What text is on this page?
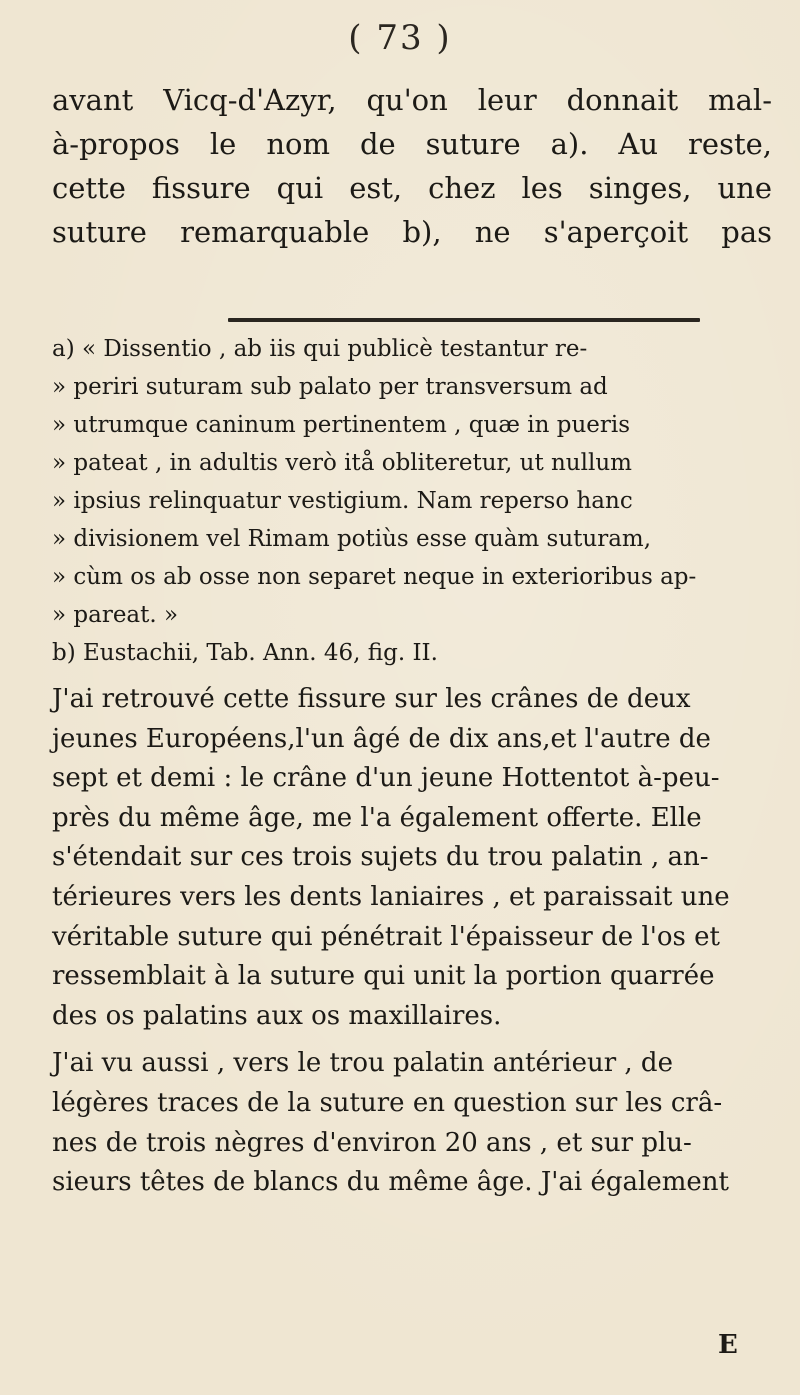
( 73 )
avant Vicq-d'Azyr, qu'on leur donnait mal-
à-propos le nom de suture a). Au reste,
cette fissure qui est, chez les singes, une
suture remarquable b), ne s'aperçoit pas
a) « Dissentio , ab iis qui publicè testantur re-
» periri suturam sub palato per transversum ad
» utrumque caninum pertinentem , quæ in pueris
» pateat , in adultis verò itå obliteretur, ut nullum
» ipsius relinquatur vestigium. Nam reperso hanc
» divisionem vel Rimam potiùs esse quàm suturam,
» cùm os ab osse non separet neque in exterioribus ap-
» pareat. »
b) Eustachii, Tab. Ann. 46, fig. II.
J'ai retrouvé cette fissure sur les crânes de deux
jeunes Européens,l'un âgé de dix ans,et l'autre de
sept et demi : le crâne d'un jeune Hottentot à-peu-
près du même âge, me l'a également offerte. Elle
s'étendait sur ces trois sujets du trou palatin , an-
térieures vers les dents laniaires , et paraissait une
véritable suture qui pénétrait l'épaisseur de l'os et
ressemblait à la suture qui unit la portion quarrée
des os palatins aux os maxillaires.
J'ai vu aussi , vers le trou palatin antérieur , de
légères traces de la suture en question sur les crâ-
nes de trois nègres d'environ 20 ans , et sur plu-
sieurs têtes de blancs du même âge. J'ai également
E
